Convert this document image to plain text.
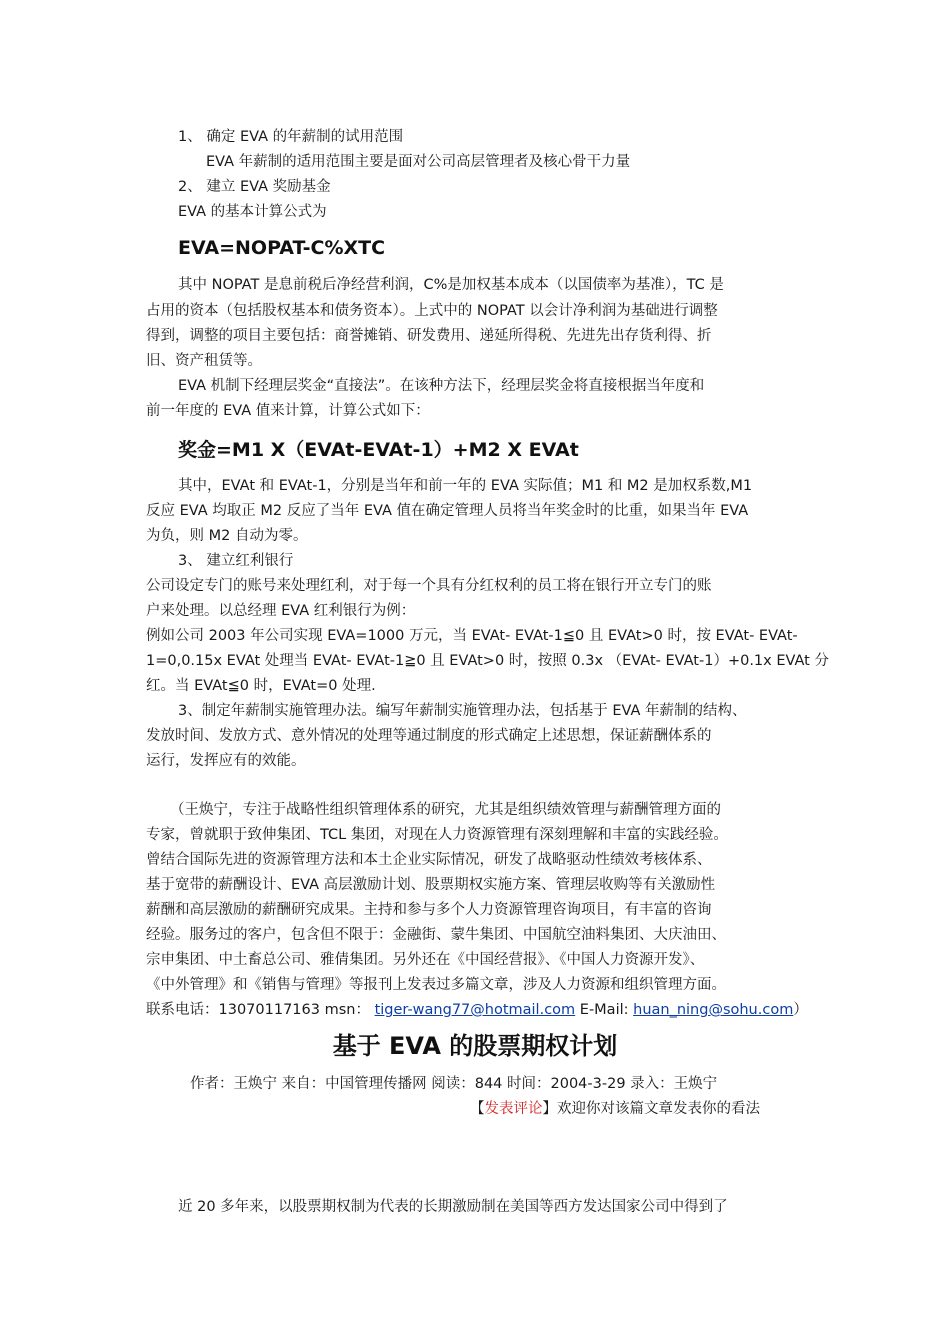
1、 确定 EVA 的年薪制的试用范围
EVA 年薪制的适用范围主要是面对公司高层管理者及核心骨干力量
2、 建立 EVA 奖励基金
EVA 的基本计算公式为
EVA=NOPAT-C%XTC
其中 NOPAT 是息前税后净经营利润，C%是加权基本成本（以国债率为基准），TC 是
占用的资本（包括股权基本和债务资本）。上式中的 NOPAT 以会计净利润为基础进行调整
得到，调整的项目主要包括：商誉摊销、研发费用、递延所得税、先进先出存货利得、折
旧、资产租赁等。
EVA 机制下经理层奖金“直接法”。在该种方法下，经理层奖金将直接根据当年度和
前一年度的 EVA 值来计算，计算公式如下：
奖金=M1 X（EVAt-EVAt-1）+M2 X EVAt
其中，EVAt 和 EVAt-1，分别是当年和前一年的 EVA 实际值；M1 和 M2 是加权系数,M1
反应 EVA 均取正 M2 反应了当年 EVA 值在确定管理人员将当年奖金时的比重，如果当年 EVA
为负，则 M2 自动为零。
3、 建立红利银行
公司设定专门的账号来处理红利，对于每一个具有分红权利的员工将在银行开立专门的账
户来处理。以总经理 EVA 红利银行为例：
例如公司 2003 年公司实现 EVA=1000 万元，当 EVAt- EVAt-1≦0 且 EVAt>0 时，按 EVAt- EVAt-
1=0,0.15x EVAt 处理当 EVAt- EVAt-1≧0 且 EVAt>0 时，按照 0.3x （EVAt- EVAt-1）+0.1x EVAt 分
红。当 EVAt≦0 时，EVAt=0 处理.
3、制定年薪制实施管理办法。编写年薪制实施管理办法，包括基于 EVA 年薪制的结构、
发放时间、发放方式、意外情况的处理等通过制度的形式确定上述思想，保证薪酬体系的
运行，发挥应有的效能。
（王焕宁，专注于战略性组织管理体系的研究，尤其是组织绩效管理与薪酬管理方面的
专家，曾就职于致伸集团、TCL 集团，对现在人力资源管理有深刻理解和丰富的实践经验。
曾结合国际先进的资源管理方法和本土企业实际情况，研发了战略驱动性绩效考核体系、
基于宽带的薪酬设计、EVA 高层激励计划、股票期权实施方案、管理层收购等有关激励性
薪酬和高层激励的薪酬研究成果。主持和参与多个人力资源管理咨询项目，有丰富的咨询
经验。服务过的客户，包含但不限于：金融街、蒙牛集团、中国航空油料集团、大庆油田、
宗申集团、中土畜总公司、雅倩集团。另外还在《中国经营报》、《中国人力资源开发》、
《中外管理》和《销售与管理》等报刊上发表过多篇文章，涉及人力资源和组织管理方面。
联系电话：13070117163 msn： tiger-wang77@hotmail.com E-Mail: huan_ning@sohu.com）
基于 EVA 的股票期权计划
作者：王焕宁 来自：中国管理传播网 阅读：844 时间：2004-3-29 录入：王焕宁
【发表评论】欢迎你对该篇文章发表你的看法
近 20 多年来，以股票期权制为代表的长期激励制在美国等西方发达国家公司中得到了
